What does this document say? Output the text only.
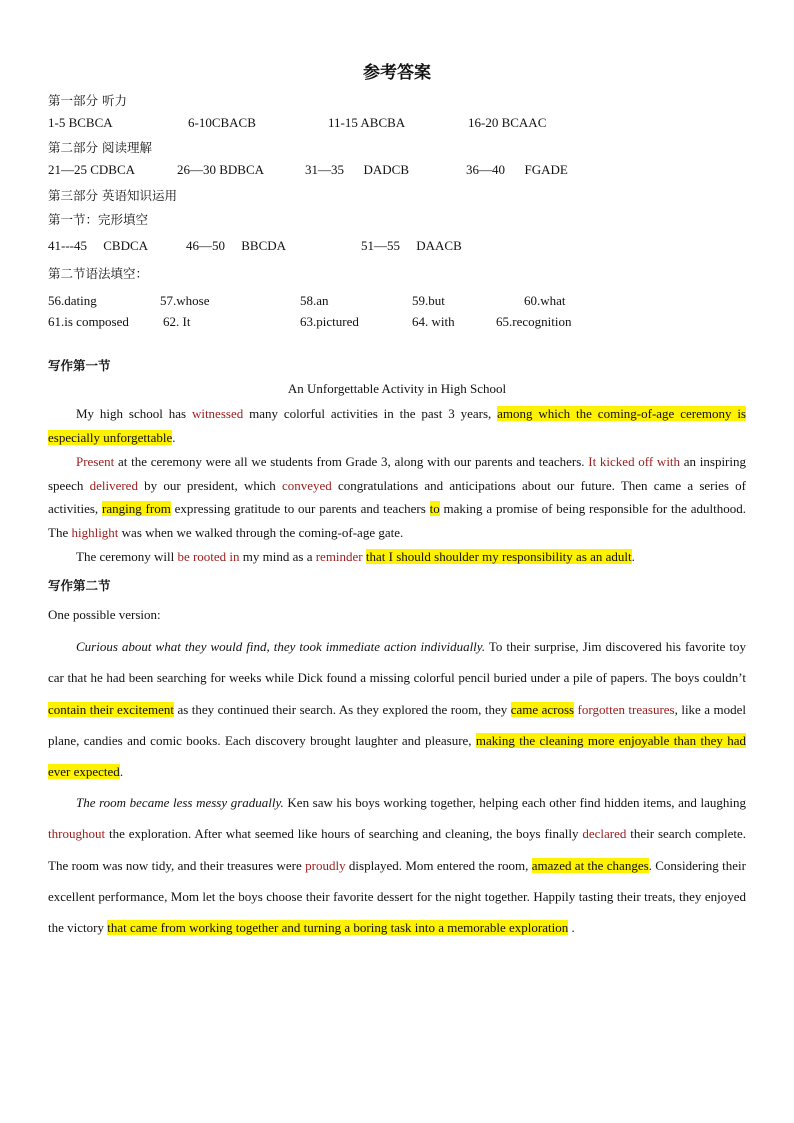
参考答案
第一部分 听力
1-5 BCBCA	6-10CBACB	11-15 ABCBA	16-20 BCAAC
第二部分 阅读理解
21—25 CDBCA	26—30 BDBCA	31—35      DADCB	36—40      FGADE
第三部分 英语知识运用
第一节：完形填空
41---45     CBDCA	46—50     BBCDA	51—55     DAACB
第二节语法填空：
56.dating	57.whose	58.an	59.but	60.what
61.is composed	62. It	63.pictured	64. with	65.recognition
写作第一节
An Unforgettable Activity in High School
My high school has witnessed many colorful activities in the past 3 years, among which the coming-of-age ceremony is especially unforgettable.
Present at the ceremony were all we students from Grade 3, along with our parents and teachers. It kicked off with an inspiring speech delivered by our president, which conveyed congratulations and anticipations about our future. Then came a series of activities, ranging from expressing gratitude to our parents and teachers to making a promise of being responsible for the adulthood. The highlight was when we walked through the coming-of-age gate.
The ceremony will be rooted in my mind as a reminder that I should shoulder my responsibility as an adult.
写作第二节
One possible version:
Curious about what they would find, they took immediate action individually. To their surprise, Jim discovered his favorite toy car that he had been searching for weeks while Dick found a missing colorful pencil buried under a pile of papers. The boys couldn’t contain their excitement as they continued their search. As they explored the room, they came across forgotten treasures, like a model plane, candies and comic books. Each discovery brought laughter and pleasure, making the cleaning more enjoyable than they had ever expected.
The room became less messy gradually. Ken saw his boys working together, helping each other find hidden items, and laughing throughout the exploration. After what seemed like hours of searching and cleaning, the boys finally declared their search complete. The room was now tidy, and their treasures were proudly displayed. Mom entered the room, amazed at the changes. Considering their excellent performance, Mom let the boys choose their favorite dessert for the night together. Happily tasting their treats, they enjoyed the victory that came from working together and turning a boring task into a memorable exploration .
